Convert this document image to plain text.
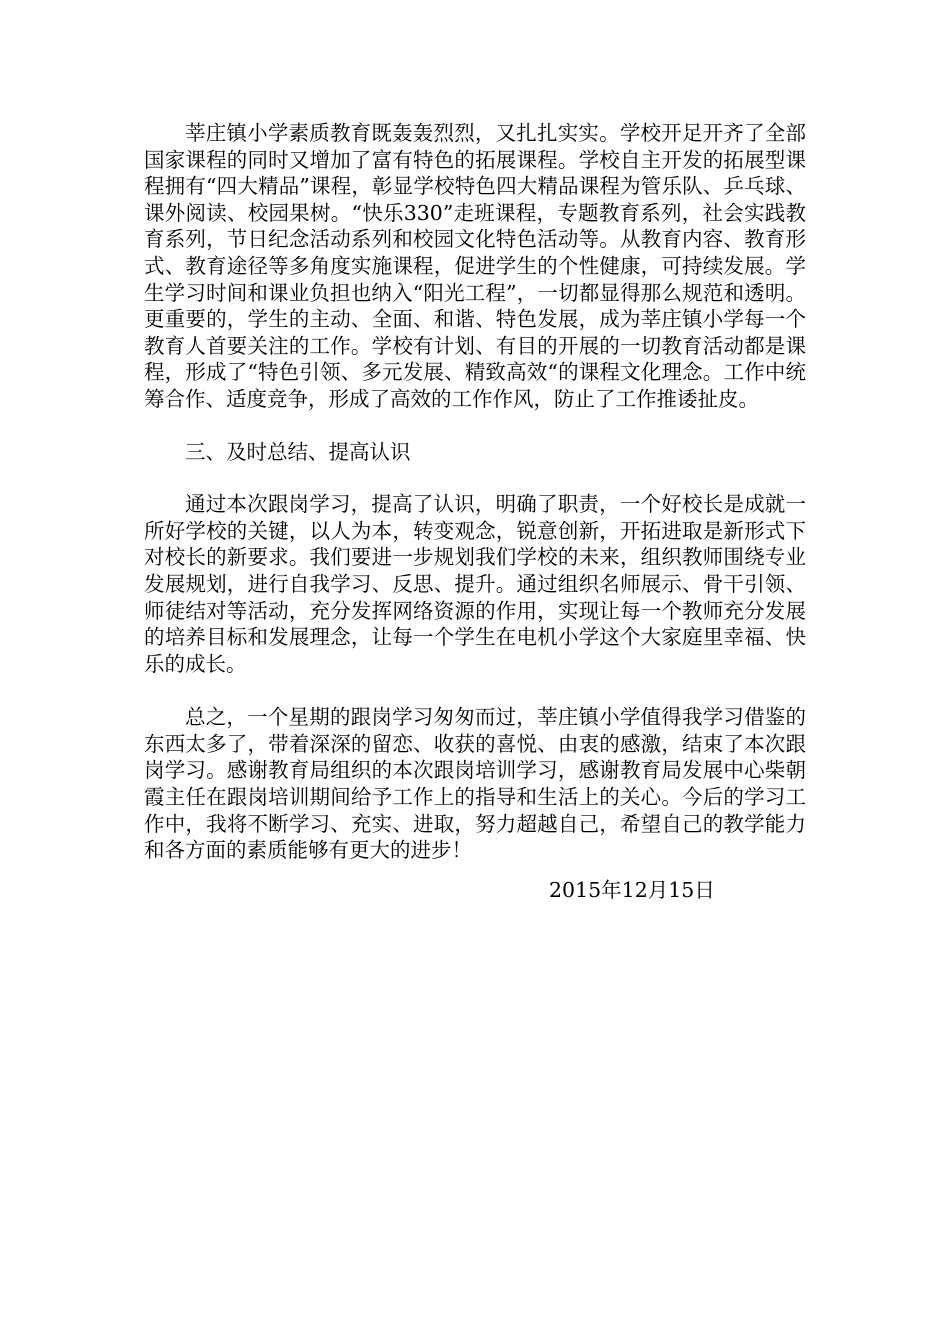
莘庄镇小学素质教育既轰轰烈烈，又扎扎实实。学校开足开齐了全部国家课程的同时又增加了富有特色的拓展课程。学校自主开发的拓展型课程拥有“四大精品”课程，彰显学校特色四大精品课程为管乐队、乒乓球、课外阅读、校园果树。“快乐330”走班课程，专题教育系列，社会实践教育系列，节日纪念活动系列和校园文化特色活动等。从教育内容、教育形式、教育途径等多角度实施课程，促进学生的个性健康，可持续发展。学生学习时间和课业负担也纳入“阳光工程”，一切都显得那么规范和透明。更重要的，学生的主动、全面、和谐、特色发展，成为莘庄镇小学每一个教育人首要关注的工作。学校有计划、有目的开展的一切教育活动都是课程，形成了“特色引领、多元发展、精致高效“的课程文化理念。工作中统筹合作、适度竞争，形成了高效的工作作风，防止了工作推诿扯皮。

三、及时总结、提高认识

通过本次跟岗学习，提高了认识，明确了职责，一个好校长是成就一所好学校的关键，以人为本，转变观念，锐意创新，开拓进取是新形式下对校长的新要求。我们要进一步规划我们学校的未来，组织教师围绕专业发展规划，进行自我学习、反思、提升。通过组织名师展示、骨干引领、师徒结对等活动，充分发挥网络资源的作用，实现让每一个教师充分发展的培养目标和发展理念，让每一个学生在电机小学这个大家庭里幸福、快乐的成长。

总之，一个星期的跟岗学习匆匆而过，莘庄镇小学值得我学习借鉴的东西太多了，带着深深的留恋、收获的喜悦、由衷的感激，结束了本次跟岗学习。感谢教育局组织的本次跟岗培训学习，感谢教育局发展中心柴朝霞主任在跟岗培训期间给予工作上的指导和生活上的关心。今后的学习工作中，我将不断学习、充实、进取，努力超越自己，希望自己的教学能力和各方面的素质能够有更大的进步！

2015年12月15日
